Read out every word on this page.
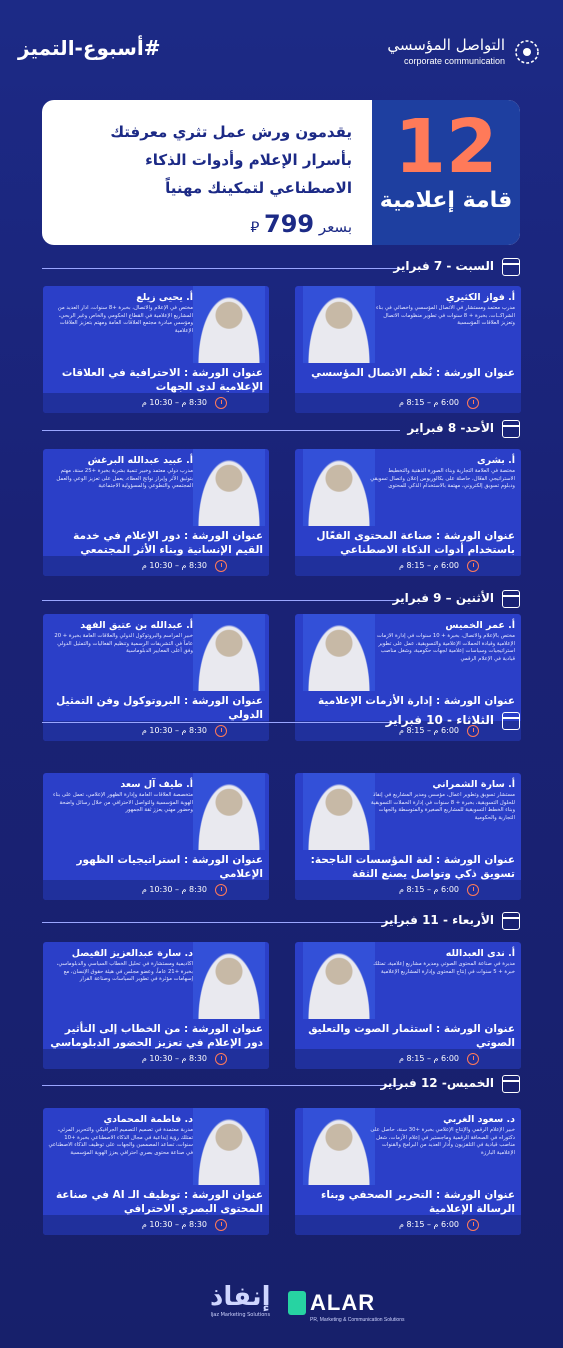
#أسبوع-التميز	التواصل المؤسسي
corporate communication
يقدمون ورش عمل تثري معرفتك
بأسرار الإعلام وأدوات الذكاء
الاصطناعي لتمكينك مهنياً
بسعر 799 ⃁
12
قامة إعلامية
السبت - 7 فبراير
أ. فواز الكثيري
مدرب معتمد ومستشار في الاتصال المؤسسي وأخصائي في بناء الشراكــات، بخبرة + 8 سنوات في تطوير منظومات الاتصال وتعزيز العلاقات المؤسسية
عنوان الورشة : نُظم الاتصال المؤسسي
6:00 م – 8:15 م
أ. يحيى زيلع
مختص في الإعلام والاتصال، بخبرة +8 سنوات، أدار العديد من المشاريع الإعلامية في القطاع الحكومي والخاص وغير الربحي، ومؤسس مبادرة مجتمع العلاقات العامة ومهتم بتعزيز العلاقات الإعلامية
عنوان الورشة : الاحترافية في العلاقات الإعلامية لدى الجهات
8:30 م – 10:30 م
الأحد- 8 فبراير
أ. بشرى
مختصة في العلامة التجارية وبناء الصورة الذهنية والتخطيط الاستراتيجي الفعّال، حاصلة على بكالوريوس إعلان واتصال تسويقي ودبلوم تسويق إلكتروني، مهتمة بالاستخدام الذكي للمحتوى
عنوان الورشة : صناعة المحتوى الفعّال باستخدام أدوات الذكاء الاصطناعي
6:00 م – 8:15 م
أ. عبيد عبدالله البرغش
مدرب دولي معتمد وخبير تنمية بشرية بخبرة +25 سنة، مهتم بتوثيق الأثر وإبراز نواتج العطاء، يعمل على تعزيز الوعي والعمل المجتمعي والتطوعي والمسؤولية الاجتماعية
عنوان الورشة : دور الإعلام في خدمة القيم الإنسانية وبناء الأثر المجتمعي
8:30 م – 10:30 م
الأثنين – 9 فبراير
أ. عمر الخميس
مختص بالإعلام والاتصال، بخبرة + 10 سنوات في إدارة الأزمات الإعلامية وقيادة الحملات الإعلامية والتسويقية، عمل على تطوير استراتيجيات وسياسات إعلامية لجهات حكومية، وشغل مناصب قيادية في الإعلام الرقمي
عنوان الورشة : إدارة الأزمات الإعلامية
6:00 م – 8:15 م
أ. عبدالله بن عتيق الفهد
خبير المراسم والبروتوكول الدولي والعلاقات العامة بخبرة + 20 عاماً في التشريفات الرسمية وتنظيم الفعاليات والتمثيل الدولي وفق أعلى المعايير الدبلوماسية
عنوان الورشة : البروتوكول وفن التمثيل الدولي
8:30 م – 10:30 م
الثلاثاء - 10 فبراير
أ. سارة الشمراني
مستشار تسويق وتطوير أعمال، مؤسس ومدير المشاريع في إنفاذ للحلول التسويقية، بخبرة + 8 سنوات في إدارة الحملات التسويقية وبناء الخطط التسويقية للمشاريع الصغيرة والمتوسطة والجهات التجارية والحكومية
عنوان الورشة : لغة المؤسسات الناجحة: تسويق ذكي وتواصل يصنع الثقة
6:00 م – 8:15 م
أ. طيف آل سعد
متخصصة العلاقات العامة وإدارة الظهور الإعلامي، تعمل على بناء الهوية المؤسسية والتواصل الاحترافي من خلال رسائل واضحة وحضور مهني يعزز ثقة الجمهور
عنوان الورشة : استراتيجيات الظهور الإعلامي
8:30 م – 10:30 م
الأربعاء - 11 فبراير
أ. ندى العبدالله
مديرة في صناعة المحتوى الصوتي ومديرة مشاريع إعلامية، تمتلك خبرة + 5 سنوات في إنتاج المحتوى وإدارة المشاريع الإعلامية
عنوان الورشة : استثمار الصوت والتعليق الصوتي
6:00 م – 8:15 م
د. سارة عبدالعزيز الفيصل
أكاديمية ومستشارة في تحليل الخطاب السياسي والدبلوماسي، بخبرة +21 عاماً، وعضو مجلس في هيئة حقوق الإنسان، مع إسهامات مؤثرة في تطوير السياسات وصناعة القرار
عنوان الورشة : من الخطاب إلى التأثير دور الإعلام في تعزيز الحضور الدبلوماسي
8:30 م – 10:30 م
الخميس- 12 فبراير
د. سعود الغربي
خبير الإعلام الرقمي والإنتاج الإعلامي بخبرة +30 سنة، حاصل على دكتوراه في الصحافة الرقمية وماجستير في إعلام الأزمات، شغل مناصب قيادية في التلفزيون وأدار العديد من البرامج والقنوات الإعلامية البارزة
عنوان الورشة : التحرير الصحفي وبناء الرسالة الإعلامية
6:00 م – 8:15 م
د. فاطمة المحمادي
مدربة معتمدة في تصميم التصميم الجرافيكي والتحرير المرئي، تمتلك رؤية إبداعية في مجال الذكاء الاصطناعي بخبرة +10 سنوات، تساعد المصممين والجهات على توظيف الذكاء الاصطناعي في صناعة محتوى بصري احترافي يعزز الهوية المؤسسية
عنوان الورشة : توظيف الـ AI في صناعة المحتوى البصري الاحترافي
8:30 م – 10:30 م
إنفاذ
Ijaz Marketing Solutions	ALAR
PR, Marketing & Communication Solutions
